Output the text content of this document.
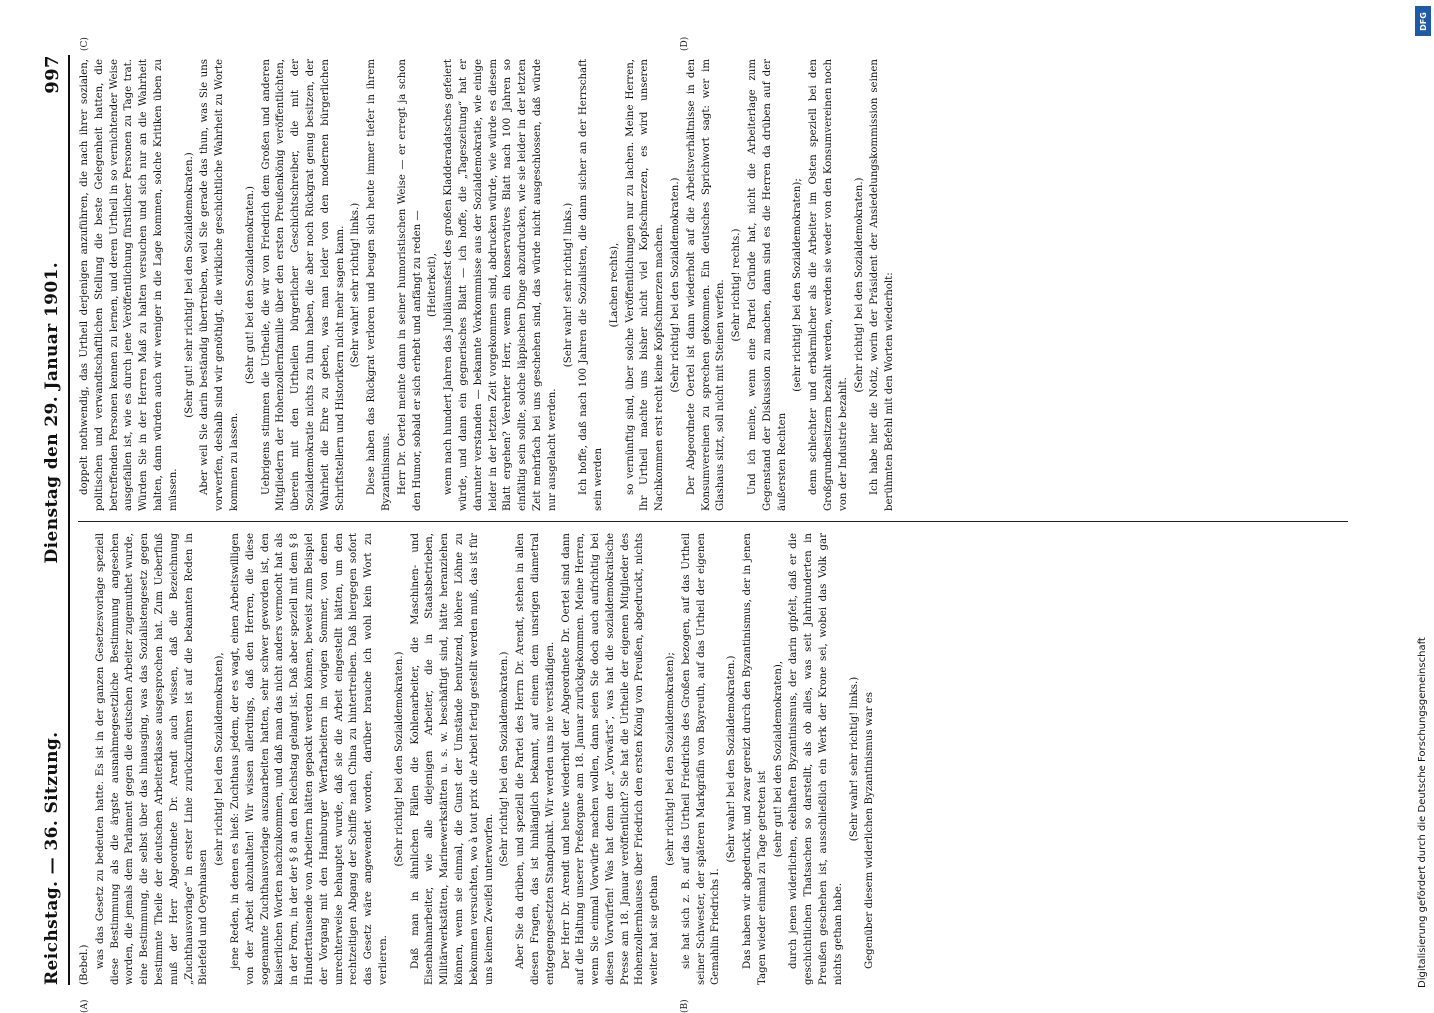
Reichstag. — 36. Sitzung.
Dienstag den 29. Januar 1901.
997

(Bebel.) was das Gesetz zu bedeuten hatte. Es ist in der ganzen Gesetzesvorlage speziell diese Bestimmung als die ärgste ausnahmegesetzliche Bestimmung angesehen worden, die jemals dem Parlament gegen die deutschen Arbeiter zugemuthet wurde, eine Bestimmung, die selbst über das hinausging, was das Sozialistengesetz gegen bestimmte Theile der deutschen Arbeiterklasse ausgesprochen hat. Zum Ueberfluß muß der Herr Abgeordnete Dr. Arendt auch wissen, daß die Bezeichnung „Zuchthausvorlage“ in erster Linie zurückzuführen ist auf die bekannten Reden in Bielefeld und Oeynhausen

(sehr richtig! bei den Sozialdemokraten), jene Reden, in denen es hieß: Zuchthaus jedem, der es wagt, einen Arbeitswilligen von der Arbeit abzuhalten! Wir wissen allerdings, daß den Herren, die diese sogenannte Zuchthausvorlage auszuarbeiten hatten, sehr schwer geworden ist, den kaiserlichen Worten nachzukommen, und daß man das nicht anders vermocht hat als in der Form, in der der § 8 an den Reichstag gelangt ist. Daß aber speziell mit dem § 8 Hunderttausende von Arbeitern hätten gepackt werden können, beweist zum Beispiel der Vorgang mit den Hamburger Werftarbeitern im vorigen Sommer, von denen unrechterweise behauptet wurde, daß sie die Arbeit eingestellt hätten, um den rechtzeitigen Abgang der Schiffe nach China zu hintertreiben. Daß hiergegen sofort das Gesetz wäre angewendet worden, darüber brauche ich wohl kein Wort zu verlieren.

(Sehr richtig! bei den Sozialdemokraten.) Daß man in ähnlichen Fällen die Kohlenarbeiter, die Maschinen- und Eisenbahnarbeiter, wie alle diejenigen Arbeiter, die in Staatsbetrieben, Militärwerkstätten, Marinewerkstätten u. s. w. beschäftigt sind, hätte heranziehen können, wenn sie einmal, die Gunst der Umstände benutzend, höhere Löhne zu bekommen versuchten, wo à tout prix die Arbeit fertig gestellt werden muß, das ist für uns keinem Zweifel unterworfen.

(Sehr richtig! bei den Sozialdemokraten.) Aber Sie da drüben, und speziell die Partei des Herrn Dr. Arendt, stehen in allen diesen Fragen, das ist hinlänglich bekannt, auf einem dem unsrigen diametral entgegengesetzten Standpunkt. Wir werden uns nie verständigen. Der Herr Dr. Arendt und heute wiederholt der Abgeordnete Dr. Oertel sind dann auf die Haltung unserer Preßorgane am 18. Januar zurückgekommen. Meine Herren, wenn Sie einmal Vorwürfe machen wollen, dann seien Sie doch auch aufrichtig bei diesen Vorwürfen! Was hat denn der „Vorwärts“, was hat die sozialdemokratische Presse am 18. Januar veröffentlicht? Sie hat die Urtheile der eigenen Mitglieder des Hohenzollernhauses über Friedrich den ersten König von Preußen, abgedruckt, nichts weiter hat sie gethan

(sehr richtig! bei den Sozialdemokraten); sie hat sich z. B. auf das Urtheil Friedrichs des Großen bezogen, auf das Urtheil seiner Schwester, der späteren Markgräfin von Bayreuth, auf das Urtheil der eigenen Gemahlin Friedrichs I.

(Sehr wahr! bei den Sozialdemokraten.) Das haben wir abgedruckt, und zwar gereizt durch den Byzantinismus, der in jenen Tagen wieder einmal zu Tage getreten ist

(sehr gut! bei den Sozialdemokraten), durch jenen widerlichen, ekelhaften Byzantinismus, der darin gipfelt, daß er die geschichtlichen Thatsachen so darstellt, als ob alles, was seit Jahrhunderten in Preußen geschehen ist, ausschließlich ein Werk der Krone sei, wobei das Volk gar nichts gethan habe.

(Sehr wahr! sehr richtig! links.) Gegenüber diesem widerlichen Byzantinismus war es

doppelt nothwendig, das Urtheil derjenigen anzuführen, die nach ihrer sozialen, politischen und verwandtschaftlichen Stellung die beste Gelegenheit hatten, die betreffenden Personen kennen zu lernen, und deren Urtheil in so vernichtender Weise ausgefallen ist, wie es durch jene Veröffentlichung fürstlicher Personen zu Tage trat. Würden Sie in der Herren Maß zu halten versuchen und sich nur an die Wahrheit halten, dann würden auch wir weniger in die Lage kommen, solche Kritiken üben zu müssen.

(Sehr gut! sehr richtig! bei den Sozialdemokraten.) Aber weil Sie darin beständig übertreiben, weil Sie gerade das thun, was Sie uns vorwerfen, deshalb sind wir genöthigt, die wirkliche geschichtliche Wahrheit zu Worte kommen zu lassen.

(Sehr gut! bei den Sozialdemokraten.) Uebrigens stimmen die Urtheile, die wir von Friedrich dem Großen und anderen Mitgliedern der Hohenzollernfamilie über den ersten Preußenkönig veröffentlichten, überein mit den Urtheilen bürgerlicher Geschichtschreiber, die mit der Sozialdemokratie nichts zu thun haben, die aber noch Rückgrat genug besitzen, der Wahrheit die Ehre zu geben, was man leider von den modernen bürgerlichen Schriftstellern und Historikern nicht mehr sagen kann. (Sehr wahr! sehr richtig! links.) Diese haben das Rückgrat verloren und beugen sich heute immer tiefer in ihrem Byzantinismus. Herr Dr. Oertel meinte dann in seiner humoristischen Weise — er erregt ja schon den Humor, sobald er sich erhebt und anfängt zu reden — (Heiterkeit), wenn nach hundert Jahren das Jubiläumsfest des großen Kladderadatsches gefeiert würde, und dann ein gegnerisches Blatt — ich hoffe, die „Tageszeitung“ hat er darunter verstanden — bekannte Vorkommnisse aus der Sozialdemokratie, wie einige leider in der letzten Zeit vorgekommen sind, abdrucken würde, wie würde es diesem Blatt ergehen? Verehrter Herr, wenn ein konservatives Blatt nach 100 Jahren so einfältig sein sollte, solche läppischen Dinge abzudrucken, wie sie leider in der letzten Zeit mehrfach bei uns geschehen sind, das würde nicht ausgeschlossen, daß würde nur ausgelacht werden.

(Sehr wahr! sehr richtig! links.) Ich hoffe, daß nach 100 Jahren die Sozialisten, die dann sicher an der Herrschaft sein werden

(Lachen rechts), so vernünftig sind, über solche Veröffentlichungen nur zu lachen. Meine Herren, Ihr Urtheil machte uns bisher nicht viel Kopfschmerzen, es wird unseren Nachkommen erst recht keine Kopfschmerzen machen. (Sehr richtig! bei den Sozialdemokraten.) Der Abgeordnete Oertel ist dann wiederholt auf die Arbeitsverhältnisse in den Konsumvereinen zu sprechen gekommen. Ein deutsches Sprichwort sagt: wer im Glashaus sitzt, soll nicht mit Steinen werfen. (Sehr richtig! rechts.) Und ich meine, wenn eine Partei Gründe hat, nicht die Arbeiterlage zum Gegenstand der Diskussion zu machen, dann sind es die Herren da drüben auf der äußersten Rechten

(sehr richtig! bei den Sozialdemokraten); denn schlechter und erbärmlicher als die Arbeiter im Osten speziell bei den Großgrundbesitzern bezahlt werden, werden sie weder von den Konsumvereinen noch von der Industrie bezahlt.

(Sehr richtig! bei den Sozialdemokraten.) Ich habe hier die Notiz, worin der Präsident der Ansiedelungskommission seinen berühmten Befehl mit den Worten wiederholt:

(A)	(B)
(C)	(D)
DFG
Digitalisierung gefördert durch die Deutsche Forschungsgemeinschaft
